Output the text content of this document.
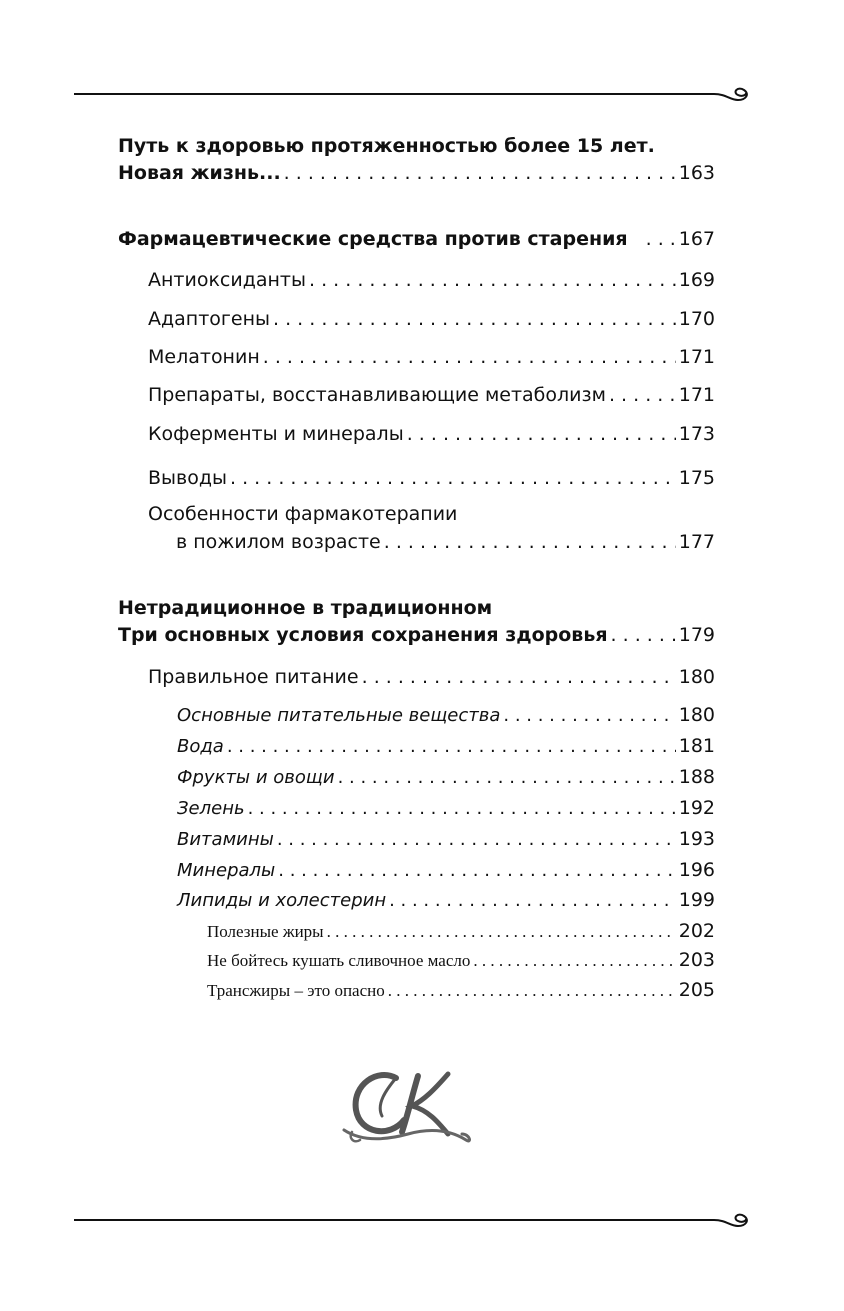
Путь к здоровью протяженностью более 15 лет.
Новая жизнь... . . .	163
Фармацевтические средства против старения . . .	167
Антиоксиданты . . .	169
Адаптогены . . .	170
Мелатонин . . .	171
Препараты, восстанавливающие метаболизм . . .	171
Коферменты и минералы . . .	173
Выводы . . .	175
Особенности фармакотерапии
в пожилом возрасте . . .	177
Нетрадиционное в традиционном
Три основных условия сохранения здоровья . . .	179
Правильное питание . . .	180
Основные питательные вещества . . .	180
Вода . . .	181
Фрукты и овощи . . .	188
Зелень . . .	192
Витамины . . .	193
Минералы . . .	196
Липиды и холестерин . . .	199
Полезные жиры . . .	202
Не бойтесь кушать сливочное масло . . .	203
Трансжиры – это опасно . . .	205
